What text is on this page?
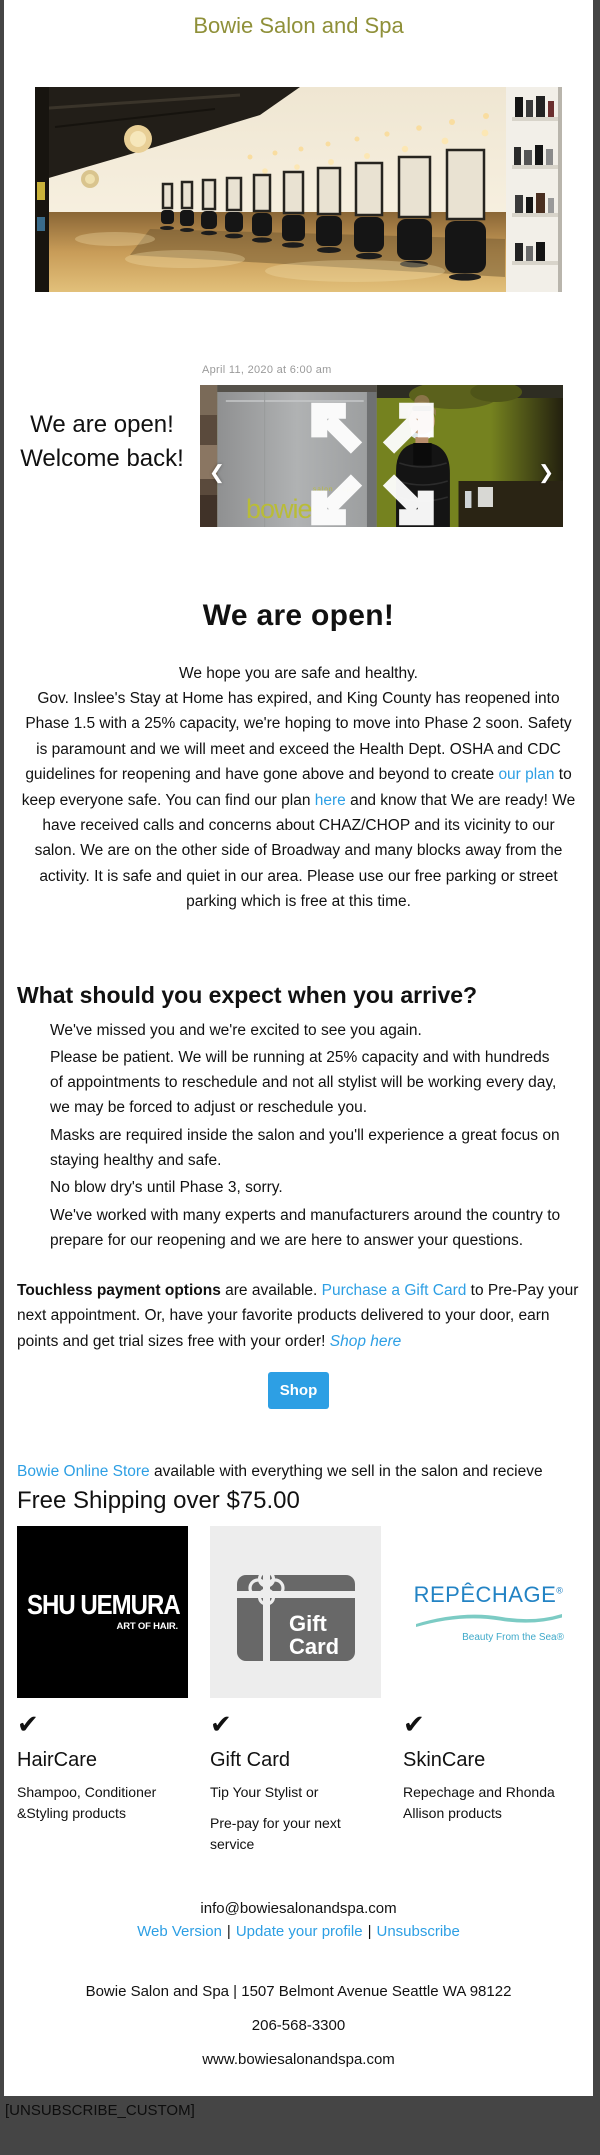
Bowie Salon and Spa
We are open!
Welcome back!
April 11, 2020 at 6:00 am
salon • spa
bowie
❮	❯
We are open!

We hope you are safe and healthy.

Gov. Inslee's Stay at Home has expired, and King County has reopened into Phase 1.5 with a 25% capacity, we're hoping to move into Phase 2 soon. Safety is paramount and we will meet and exceed the Health Dept. OSHA and CDC guidelines for reopening and have gone above and beyond to create our plan to keep everyone safe. You can find our plan here and know that We are ready! We have received calls and concerns about CHAZ/CHOP and its vicinity to our salon. We are on the other side of Broadway and many blocks away from the activity. It is safe and quiet in our area. Please use our free parking or street parking which is free at this time.

What should you expect when you arrive?

We've missed you and we're excited to see you again.

Please be patient. We will be running at 25% capacity and with hundreds of appointments to reschedule and not all stylist will be working every day, we may be forced to adjust or reschedule you.

Masks are required inside the salon and you'll experience a great focus on staying healthy and safe.

No blow dry's until Phase 3, sorry.

We've worked with many experts and manufacturers around the country to prepare for our reopening and we are here to answer your questions.

Touchless payment options are available. Purchase a Gift Card to Pre-Pay your next appointment. Or, have your favorite products delivered to your door, earn points and get trial sizes free with your order! Shop here

Shop

Bowie Online Store available with everything we sell in the salon and recieve

Free Shipping over $75.00

SHU UEMURA
ART OF HAIR.
✔
HairCare

Shampoo, Conditioner &Styling products

Gift
Card
✔
Gift Card

Tip Your Stylist or

Pre-pay for your next service

REPÊCHAGE®
Beauty From the Sea®
✔
SkinCare

Repechage and Rhonda Allison products

info@bowiesalonandspa.com
Web Version | Update your profile | Unsubscribe
Bowie Salon and Spa | 1507 Belmont Avenue Seattle WA 98122
206-568-3300
www.bowiesalonandspa.com
[UNSUBSCRIBE_CUSTOM]
